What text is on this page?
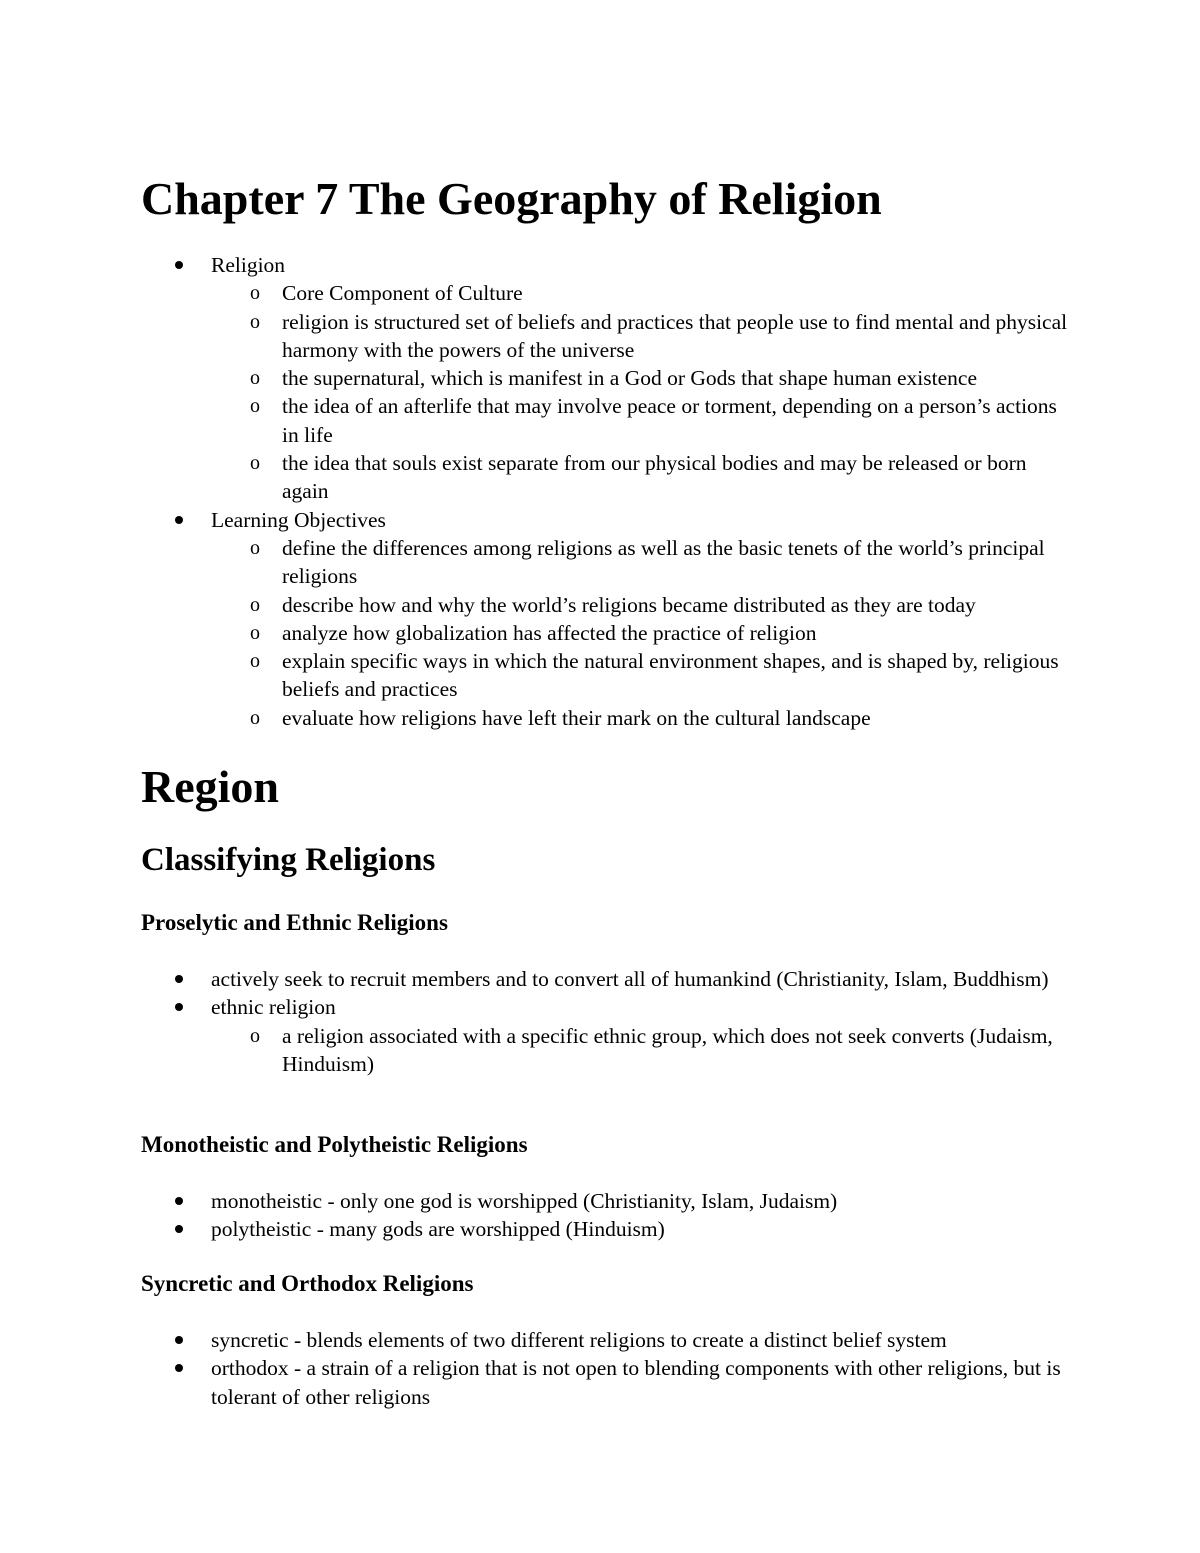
Chapter 7 The Geography of Religion
Religion
o Core Component of Culture
o religion is structured set of beliefs and practices that people use to find mental and physical harmony with the powers of the universe
o the supernatural, which is manifest in a God or Gods that shape human existence
o the idea of an afterlife that may involve peace or torment, depending on a person’s actions in life
o the idea that souls exist separate from our physical bodies and may be released or born again
Learning Objectives
o define the differences among religions as well as the basic tenets of the world’s principal religions
o describe how and why the world’s religions became distributed as they are today
o analyze how globalization has affected the practice of religion
o explain specific ways in which the natural environment shapes, and is shaped by, religious beliefs and practices
o evaluate how religions have left their mark on the cultural landscape
Region
Classifying Religions
Proselytic and Ethnic Religions
actively seek to recruit members and to convert all of humankind (Christianity, Islam, Buddhism)
ethnic religion
o a religion associated with a specific ethnic group, which does not seek converts (Judaism, Hinduism)
Monotheistic and Polytheistic Religions
monotheistic - only one god is worshipped (Christianity, Islam, Judaism)
polytheistic - many gods are worshipped (Hinduism)
Syncretic and Orthodox Religions
syncretic - blends elements of two different religions to create a distinct belief system
orthodox - a strain of a religion that is not open to blending components with other religions, but is tolerant of other religions
